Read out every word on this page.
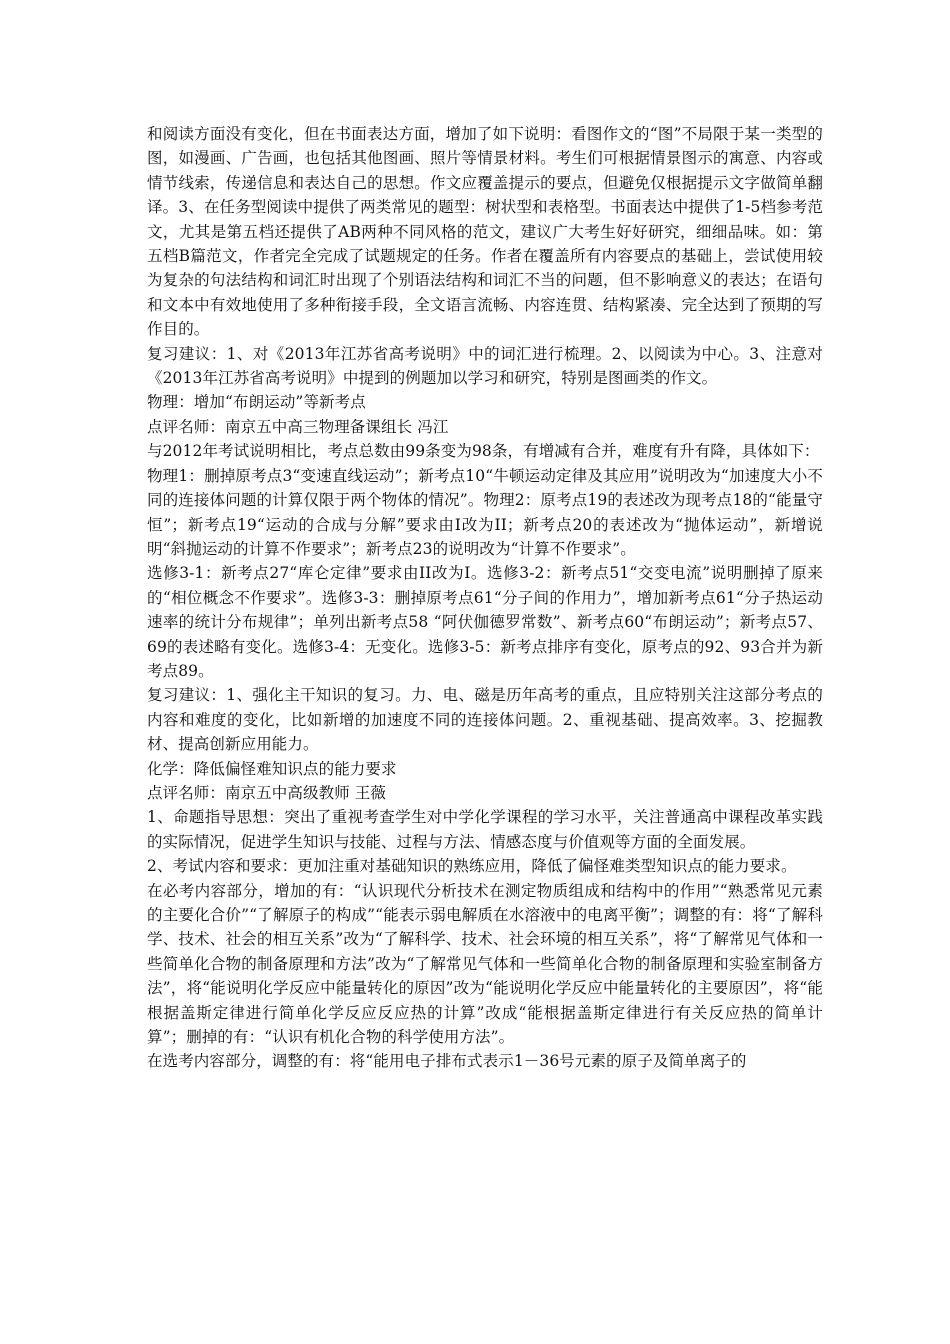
和阅读方面没有变化，但在书面表达方面，增加了如下说明：看图作文的“图”不局限于某一类型的图，如漫画、广告画，也包括其他图画、照片等情景材料。考生们可根据情景图示的寓意、内容或情节线索，传递信息和表达自己的思想。作文应覆盖提示的要点，但避免仅根据提示文字做简单翻译。3、在任务型阅读中提供了两类常见的题型：树状型和表格型。书面表达中提供了1-5档参考范文，尤其是第五档还提供了AB两种不同风格的范文，建议广大考生好好研究，细细品味。如：第五档B篇范文，作者完全完成了试题规定的任务。作者在覆盖所有内容要点的基础上，尝试使用较为复杂的句法结构和词汇时出现了个别语法结构和词汇不当的问题，但不影响意义的表达；在语句和文本中有效地使用了多种衔接手段，全文语言流畅、内容连贯、结构紧凑、完全达到了预期的写作目的。

复习建议：1、对《2013年江苏省高考说明》中的词汇进行梳理。2、以阅读为中心。3、注意对《2013年江苏省高考说明》中提到的例题加以学习和研究，特别是图画类的作文。

物理：增加“布朗运动”等新考点

点评名师：南京五中高三物理备课组长 冯江

与2012年考试说明相比，考点总数由99条变为98条，有增减有合并，难度有升有降，具体如下：

物理1：删掉原考点3“变速直线运动”；新考点10“牛顿运动定律及其应用”说明改为“加速度大小不同的连接体问题的计算仅限于两个物体的情况”。物理2：原考点19的表述改为现考点18的“能量守恒”；新考点19“运动的合成与分解”要求由Ⅰ改为II；新考点20的表述改为“抛体运动”，新增说明“斜抛运动的计算不作要求”；新考点23的说明改为“计算不作要求”。

选修3-1：新考点27“库仑定律”要求由II改为Ⅰ。选修3-2：新考点51“交变电流”说明删掉了原来的“相位概念不作要求”。选修3-3：删掉原考点61“分子间的作用力”，增加新考点61“分子热运动速率的统计分布规律”；单列出新考点58 “阿伏伽德罗常数”、新考点60“布朗运动”；新考点57、69的表述略有变化。选修3-4：无变化。选修3-5：新考点排序有变化，原考点的92、93合并为新考点89。

复习建议：1、强化主干知识的复习。力、电、磁是历年高考的重点，且应特别关注这部分考点的内容和难度的变化，比如新增的加速度不同的连接体问题。2、重视基础、提高效率。3、挖掘教材、提高创新应用能力。

化学：降低偏怪难知识点的能力要求

点评名师：南京五中高级教师 王薇

1、命题指导思想：突出了重视考查学生对中学化学课程的学习水平，关注普通高中课程改革实践的实际情况，促进学生知识与技能、过程与方法、情感态度与价值观等方面的全面发展。

2、考试内容和要求：更加注重对基础知识的熟练应用，降低了偏怪难类型知识点的能力要求。

在必考内容部分，增加的有：“认识现代分析技术在测定物质组成和结构中的作用”“熟悉常见元素的主要化合价”“了解原子的构成”“能表示弱电解质在水溶液中的电离平衡”；调整的有：将“了解科学、技术、社会的相互关系”改为“了解科学、技术、社会环境的相互关系”，将“了解常见气体和一些简单化合物的制备原理和方法”改为“了解常见气体和一些简单化合物的制备原理和实验室制备方法”，将“能说明化学反应中能量转化的原因”改为“能说明化学反应中能量转化的主要原因”，将“能根据盖斯定律进行简单化学反应反应热的计算”改成“能根据盖斯定律进行有关反应热的简单计算”；删掉的有：“认识有机化合物的科学使用方法”。

在选考内容部分，调整的有：将“能用电子排布式表示1－36号元素的原子及简单离子的
